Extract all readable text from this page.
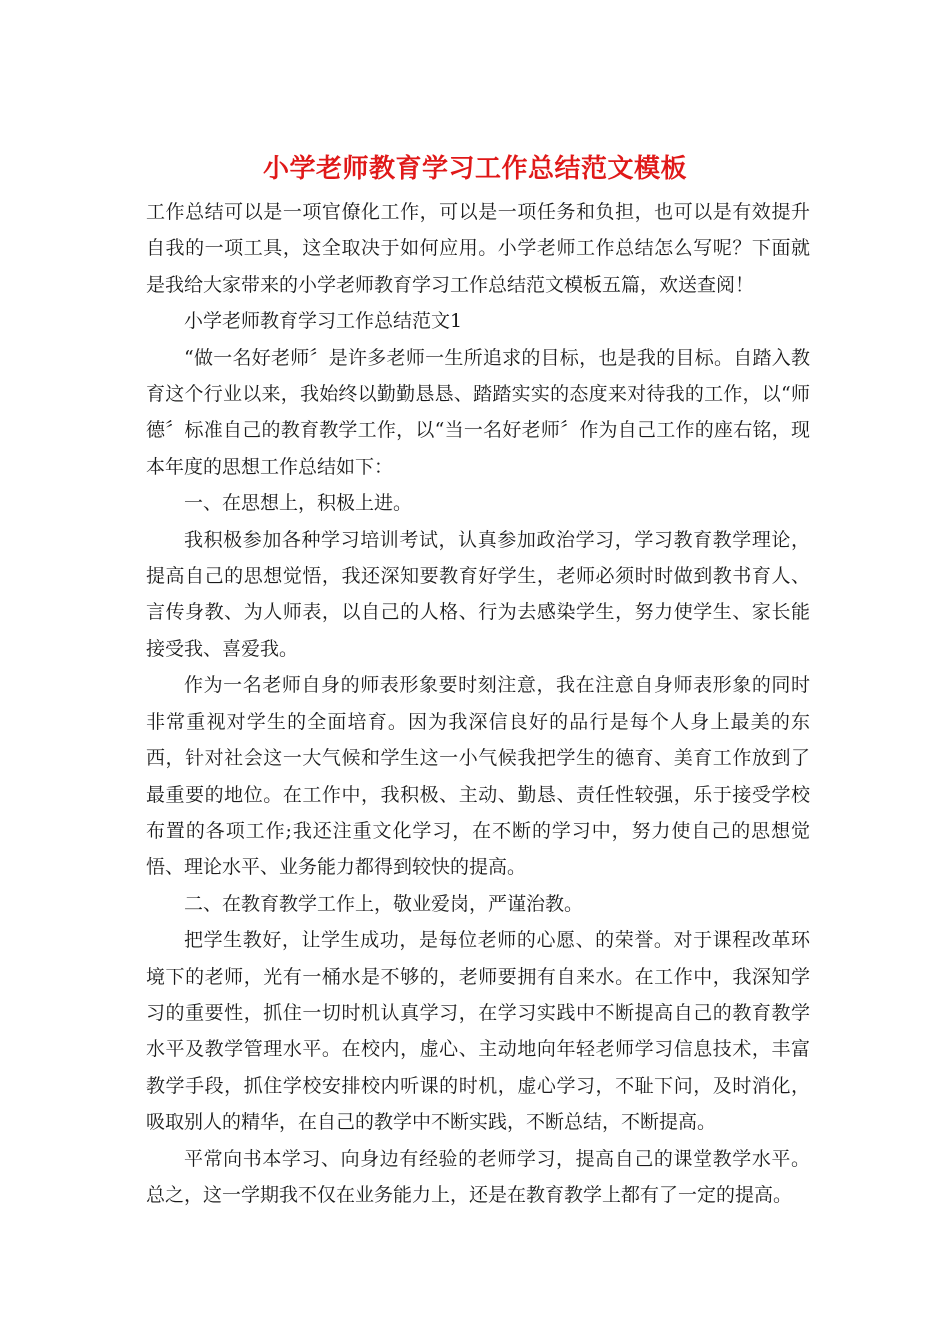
小学老师教育学习工作总结范文模板

工作总结可以是一项官僚化工作，可以是一项任务和负担，也可以是有效提升自我的一项工具，这全取决于如何应用。小学老师工作总结怎么写呢？下面就是我给大家带来的小学老师教育学习工作总结范文模板五篇，欢送查阅！

小学老师教育学习工作总结范文1

“做一名好老师〞是许多老师一生所追求的目标，也是我的目标。自踏入教育这个行业以来，我始终以勤勤恳恳、踏踏实实的态度来对待我的工作，以“师德〞标准自己的教育教学工作，以“当一名好老师〞作为自己工作的座右铭，现本年度的思想工作总结如下：

一、在思想上，积极上进。

我积极参加各种学习培训考试，认真参加政治学习，学习教育教学理论，提高自己的思想觉悟，我还深知要教育好学生，老师必须时时做到教书育人、言传身教、为人师表，以自己的人格、行为去感染学生，努力使学生、家长能接受我、喜爱我。

作为一名老师自身的师表形象要时刻注意，我在注意自身师表形象的同时非常重视对学生的全面培育。因为我深信良好的品行是每个人身上最美的东西，针对社会这一大气候和学生这一小气候我把学生的德育、美育工作放到了最重要的地位。在工作中，我积极、主动、勤恳、责任性较强，乐于接受学校布置的各项工作;我还注重文化学习，在不断的学习中，努力使自己的思想觉悟、理论水平、业务能力都得到较快的提高。

二、在教育教学工作上，敬业爱岗，严谨治教。

把学生教好，让学生成功，是每位老师的心愿、的荣誉。对于课程改革环境下的老师，光有一桶水是不够的，老师要拥有自来水。在工作中，我深知学习的重要性，抓住一切时机认真学习，在学习实践中不断提高自己的教育教学水平及教学管理水平。在校内，虚心、主动地向年轻老师学习信息技术，丰富教学手段，抓住学校安排校内听课的时机，虚心学习，不耻下问，及时消化，吸取别人的精华，在自己的教学中不断实践，不断总结，不断提高。

平常向书本学习、向身边有经验的老师学习，提高自己的课堂教学水平。总之，这一学期我不仅在业务能力上，还是在教育教学上都有了一定的提高。
